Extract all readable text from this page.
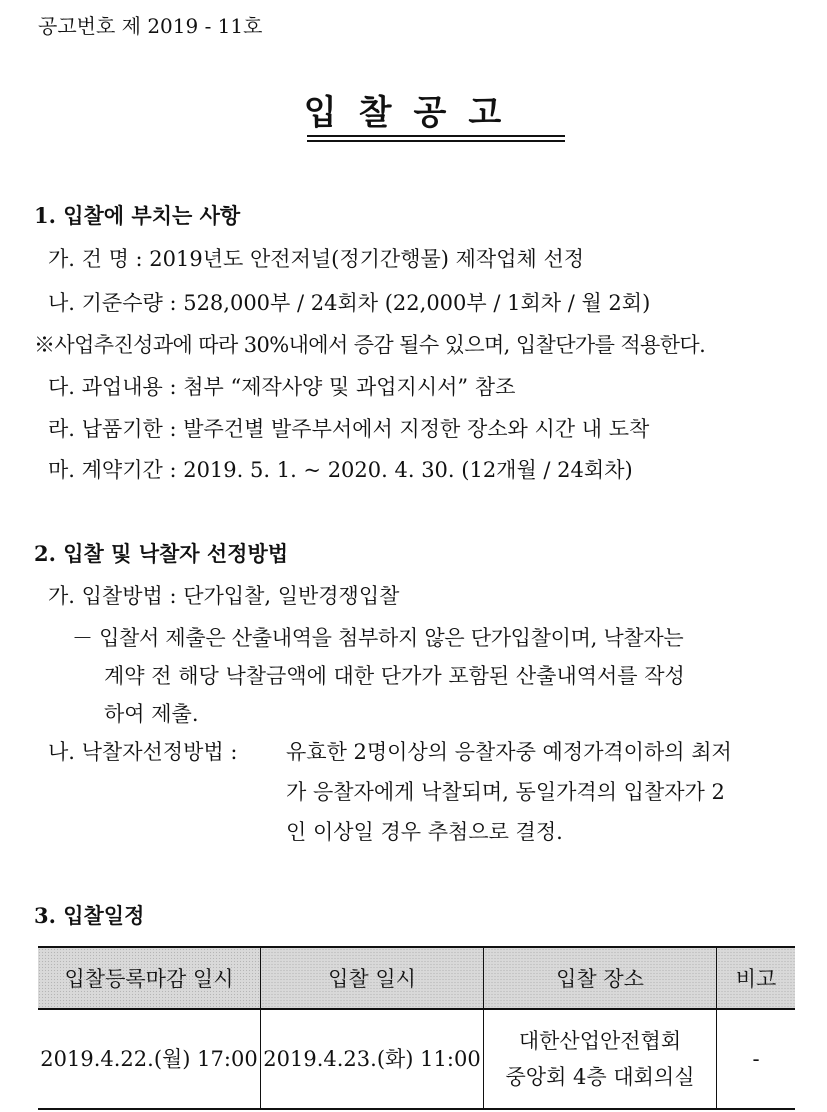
공고번호 제 2019 - 11호
입찰공고
1. 입찰에 부치는 사항
가. 건 명 : 2019년도 안전저널(정기간행물) 제작업체 선정
나. 기준수량 : 528,000부 / 24회차 (22,000부 / 1회차 / 월 2회)
※사업추진성과에 따라 30%내에서 증감 될수 있으며, 입찰단가를 적용한다.
다. 과업내용 : 첨부 “제작사양 및 과업지시서” 참조
라. 납품기한 : 발주건별 발주부서에서 지정한 장소와 시간 내 도착
마. 계약기간 : 2019. 5. 1. ~ 2020. 4. 30. (12개월 / 24회차)
2. 입찰 및 낙찰자 선정방법
가. 입찰방법 : 단가입찰, 일반경쟁입찰
－ 입찰서 제출은 산출내역을 첨부하지 않은 단가입찰이며, 낙찰자는
계약 전 해당 낙찰금액에 대한 단가가 포함된 산출내역서를 작성
하여 제출.
나. 낙찰자선정방법 : 유효한 2명이상의 응찰자중 예정가격이하의 최저
가 응찰자에게 낙찰되며, 동일가격의 입찰자가 2
인 이상일 경우 추첨으로 결정.
3. 입찰일정
입찰등록마감 일시	입찰 일시	입찰 장소	비고
2019.4.22.(월) 17:00	2019.4.23.(화) 11:00	대한산업안전협회
중앙회 4층 대회의실	-
